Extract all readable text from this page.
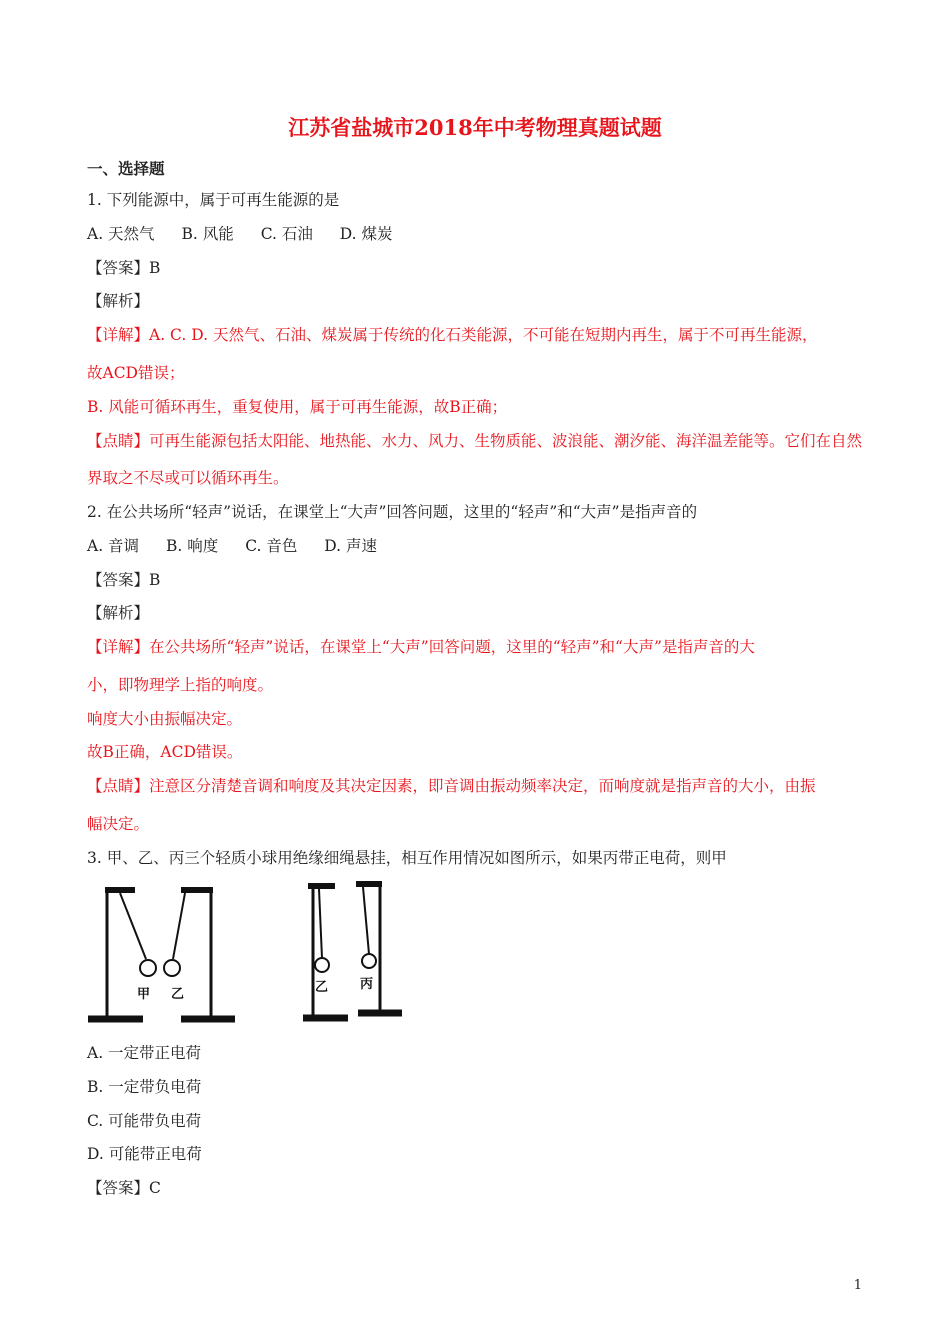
江苏省盐城市2018年中考物理真题试题
一、选择题
1. 下列能源中，属于可再生能源的是
A. 天然气 B. 风能 C. 石油 D. 煤炭
【答案】B
【解析】
【详解】A. C. D. 天然气、石油、煤炭属于传统的化石类能源，不可能在短期内再生，属于不可再生能源，
故ACD错误；
B. 风能可循环再生，重复使用，属于可再生能源，故B正确；
【点睛】可再生能源包括太阳能、地热能、水力、风力、生物质能、波浪能、潮汐能、海洋温差能等。它们在自然
界取之不尽或可以循环再生。
2. 在公共场所“轻声”说话，在课堂上“大声”回答问题，这里的“轻声”和“大声”是指声音的
A. 音调 B. 响度 C. 音色 D. 声速
【答案】B
【解析】
【详解】在公共场所“轻声”说话，在课堂上“大声”回答问题，这里的“轻声”和“大声”是指声音的大
小，即物理学上指的响度。
响度大小由振幅决定。
故B正确，ACD错误。
【点睛】注意区分清楚音调和响度及其决定因素，即音调由振动频率决定，而响度就是指声音的大小，由振
幅决定。
3. 甲、乙、丙三个轻质小球用绝缘细绳悬挂，相互作用情况如图所示，如果丙带正电荷，则甲
甲 乙	乙 丙
A. 一定带正电荷
B. 一定带负电荷
C. 可能带负电荷
D. 可能带正电荷
【答案】C
1
